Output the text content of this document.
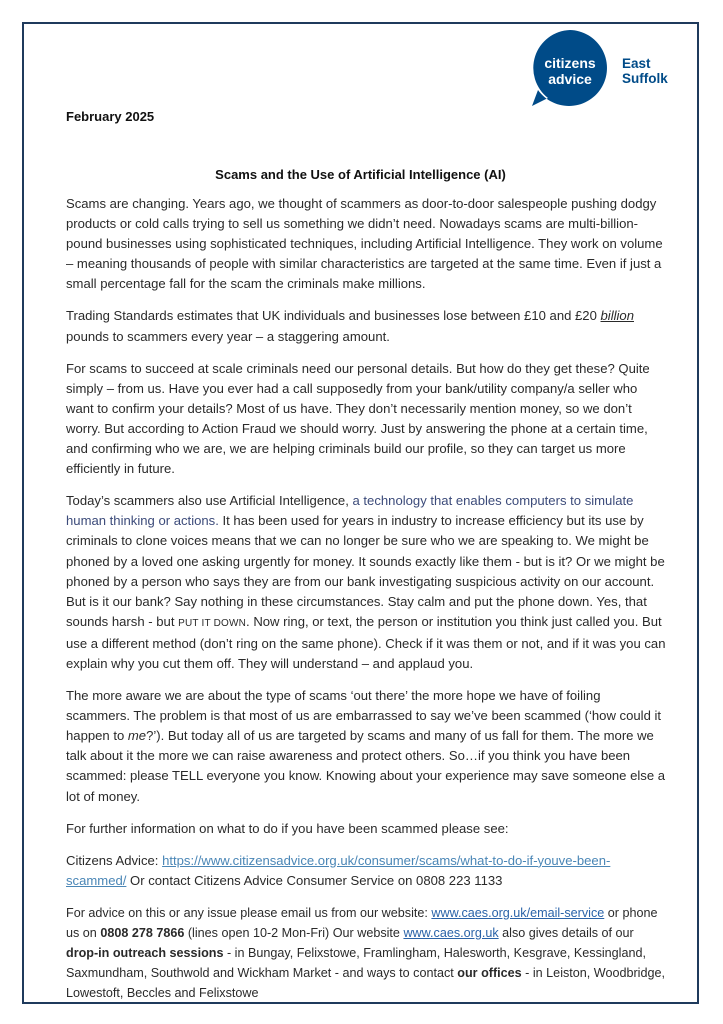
citizens
advice
East
Suffolk
February 2025
Scams and the Use of Artificial Intelligence (AI)

Scams are changing. Years ago, we thought of scammers as door-to-door salespeople pushing dodgy products or cold calls trying to sell us something we didn’t need. Nowadays scams are multi-billion-pound businesses using sophisticated techniques, including Artificial Intelligence. They work on volume – meaning thousands of people with similar characteristics are targeted at the same time. Even if just a small percentage fall for the scam the criminals make millions.

Trading Standards estimates that UK individuals and businesses lose between £10 and £20 billion pounds to scammers every year – a staggering amount.

For scams to succeed at scale criminals need our personal details. But how do they get these? Quite simply – from us. Have you ever had a call supposedly from your bank/utility company/a seller who want to confirm your details? Most of us have. They don’t necessarily mention money, so we don’t worry. But according to Action Fraud we should worry. Just by answering the phone at a certain time, and confirming who we are, we are helping criminals build our profile, so they can target us more efficiently in future.

Today’s scammers also use Artificial Intelligence, a technology that enables computers to simulate human thinking or actions. It has been used for years in industry to increase efficiency but its use by criminals to clone voices means that we can no longer be sure who we are speaking to. We might be phoned by a loved one asking urgently for money. It sounds exactly like them - but is it? Or we might be phoned by a person who says they are from our bank investigating suspicious activity on our account. But is it our bank? Say nothing in these circumstances. Stay calm and put the phone down. Yes, that sounds harsh - but PUT IT DOWN. Now ring, or text, the person or institution you think just called you. But use a different method (don’t ring on the same phone). Check if it was them or not, and if it was you can explain why you cut them off. They will understand – and applaud you.

The more aware we are about the type of scams ‘out there’ the more hope we have of foiling scammers. The problem is that most of us are embarrassed to say we’ve been scammed (‘how could it happen to me?’). But today all of us are targeted by scams and many of us fall for them. The more we talk about it the more we can raise awareness and protect others. So…if you think you have been scammed: please TELL everyone you know. Knowing about your experience may save someone else a lot of money.

For further information on what to do if you have been scammed please see:

Citizens Advice: https://www.citizensadvice.org.uk/consumer/scams/what-to-do-if-youve-been-scammed/ Or contact Citizens Advice Consumer Service on 0808 223 1133

For advice on this or any issue please email us from our website: www.caes.org.uk/email-service or phone us on 0808 278 7866 (lines open 10-2 Mon-Fri) Our website www.caes.org.uk also gives details of our drop-in outreach sessions - in Bungay, Felixstowe, Framlingham, Halesworth, Kesgrave, Kessingland, Saxmundham, Southwold and Wickham Market - and ways to contact our offices - in Leiston, Woodbridge, Lowestoft, Beccles and Felixstowe
